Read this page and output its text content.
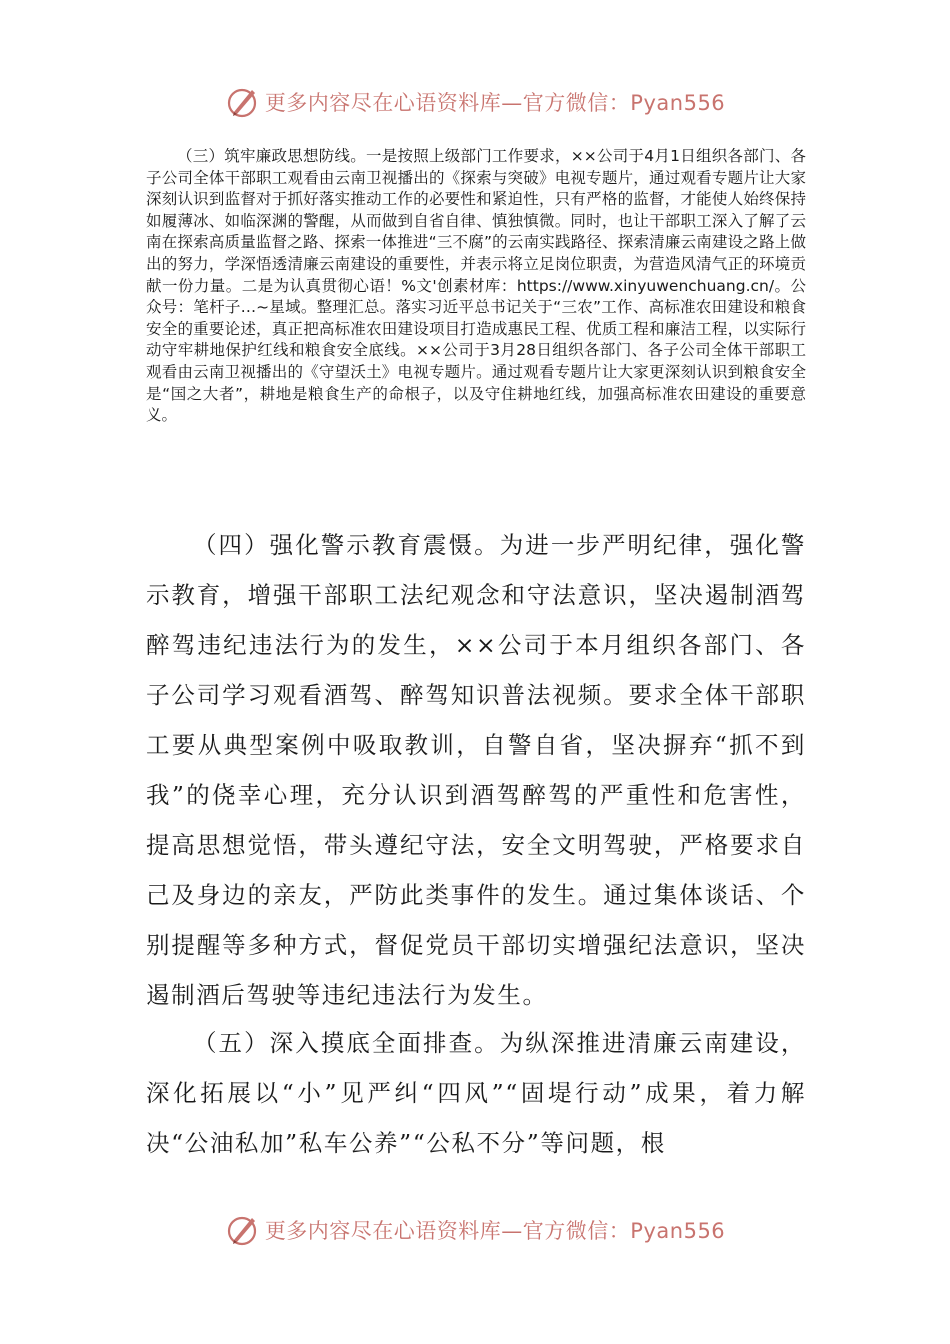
更多内容尽在心语资料库—官方微信：Pyan556

（三）筑牢廉政思想防线。一是按照上级部门工作要求，××公司于4月1日组织各部门、各子公司全体干部职工观看由云南卫视播出的《探索与突破》电视专题片，通过观看专题片让大家深刻认识到监督对于抓好落实推动工作的必要性和紧迫性，只有严格的监督，才能使人始终保持如履薄冰、如临深渊的警醒，从而做到自省自律、慎独慎微。同时，也让干部职工深入了解了云南在探索高质量监督之路、探索一体推进“三不腐”的云南实践路径、探索清廉云南建设之路上做出的努力，学深悟透清廉云南建设的重要性，并表示将立足岗位职责，为营造风清气正的环境贡献一份力量。二是为认真贯彻心语！%文'创素材库：https://www.xinyuwenchuang.cn/。公众号：笔杆子…~星域。整理汇总。落实习近平总书记关于“三农”工作、高标准农田建设和粮食安全的重要论述，真正把高标准农田建设项目打造成惠民工程、优质工程和廉洁工程，以实际行动守牢耕地保护红线和粮食安全底线。××公司于3月28日组织各部门、各子公司全体干部职工观看由云南卫视播出的《守望沃土》电视专题片。通过观看专题片让大家更深刻认识到粮食安全是“国之大者”，耕地是粮食生产的命根子，以及守住耕地红线，加强高标准农田建设的重要意义。

（四）强化警示教育震慑。为进一步严明纪律，强化警示教育，增强干部职工法纪观念和守法意识，坚决遏制酒驾醉驾违纪违法行为的发生，××公司于本月组织各部门、各子公司学习观看酒驾、醉驾知识普法视频。要求全体干部职工要从典型案例中吸取教训，自警自省，坚决摒弃“抓不到我”的侥幸心理，充分认识到酒驾醉驾的严重性和危害性，提高思想觉悟，带头遵纪守法，安全文明驾驶，严格要求自己及身边的亲友，严防此类事件的发生。通过集体谈话、个别提醒等多种方式，督促党员干部切实增强纪法意识，坚决遏制酒后驾驶等违纪违法行为发生。

（五）深入摸底全面排查。为纵深推进清廉云南建设，深化拓展以“小”见严纠“四风”“固堤行动”成果，着力解决“公油私加”私车公养”“公私不分”等问题，根

更多内容尽在心语资料库—官方微信：Pyan556
